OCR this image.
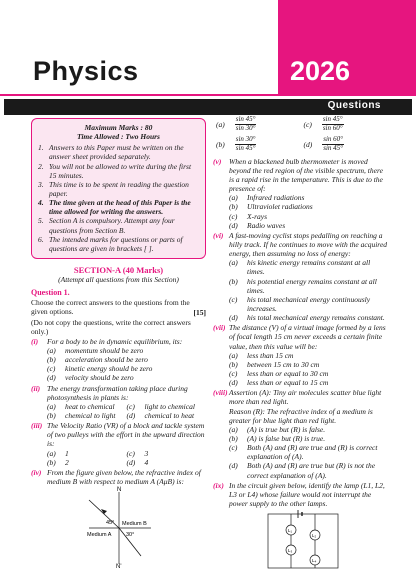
Physics	2026
Questions
Maximum Marks : 80
Time Allowed : Two Hours
1. Answers to this Paper must be written on the answer sheet provided separately.
2. You will not be allowed to write during the first 15 minutes.
3. This time is to be spent in reading the question paper.
4. The time given at the head of this Paper is the time allowed for writing the answers.
5. Section A is compulsory. Attempt any four questions from Section B.
6. The intended marks for questions or parts of questions are given in brackets [ ].
SECTION-A (40 Marks)
(Attempt all questions from this Section)
Question 1.
Choose the correct answers to the questions from the given options.	[15]
(Do not copy the questions, write the correct answers only.)
(i)	For a body to be in dynamic equilibrium, its:
(a) momentum should be zero
(b) acceleration should be zero
(c) kinetic energy should be zero
(d) velocity should be zero
(ii) The energy transformation taking place during photosynthesis in plants is:
(a) heat to chemical (c) light to chemical
(b) chemical to light (d) chemical to heat
(iii) The Velocity Ratio (VR) of a block and tackle system of two pulleys with the effort in the upward direction is:
(a) 1	(c) 3
(b) 2	(d) 4
(iv) From the figure given below, the refractive index of medium B with respect to medium A (AμB) is:
N
N'
45°
30°
Medium B
Medium A
$(a) \frac{\sin 45^\circ}{\sin 30^\circ}$	$(c) \frac{\sin 45^\circ}{\sin 60^\circ}$
$(b) \frac{\sin 30^\circ}{\sin 45^\circ}$	$(d) \frac{\sin 60^\circ}{\sin 45^\circ}$
(v)	When a blackened bulb thermometer is moved beyond the red region of the visible spectrum, there is a rapid rise in the temperature. This is due to the presence of:
(a) Infrared radiations
(b) Ultraviolet radiations
(c) X-rays
(d) Radio waves
(vi) A fast-moving cyclist stops pedalling on reaching a hilly track. If he continues to move with the acquired energy, then assuming no loss of energy:
(a) his kinetic energy remains constant at all times.
(b) his potential energy remains constant at all times.
(c) his total mechanical energy continuously increases.
(d) his total mechanical energy remains constant.
(vii) The distance (V) of a virtual image formed by a lens of focal length 15 cm never exceeds a certain finite value, then this value will be:
(a) less than 15 cm
(b) between 15 cm to 30 cm
(c) less than or equal to 30 cm
(d) less than or equal to 15 cm
(viii) Assertion (A): Tiny air molecules scatter blue light more than red light.
Reason (R): The refractive index of a medium is greater for blue light than red light.
(a) (A) is true but (R) is false.
(b) (A) is false but (R) is true.
(c) Both (A) and (R) are true and (R) is correct explanation of (A).
(d) Both (A) and (R) are true but (R) is not the correct explanation of (A).
(ix) In the circuit given below, identify the lamp (L1, L2, L3 or L4) whose failure would not interrupt the power supply to the other lamps.
L₁
L₂
L₃
L₄
